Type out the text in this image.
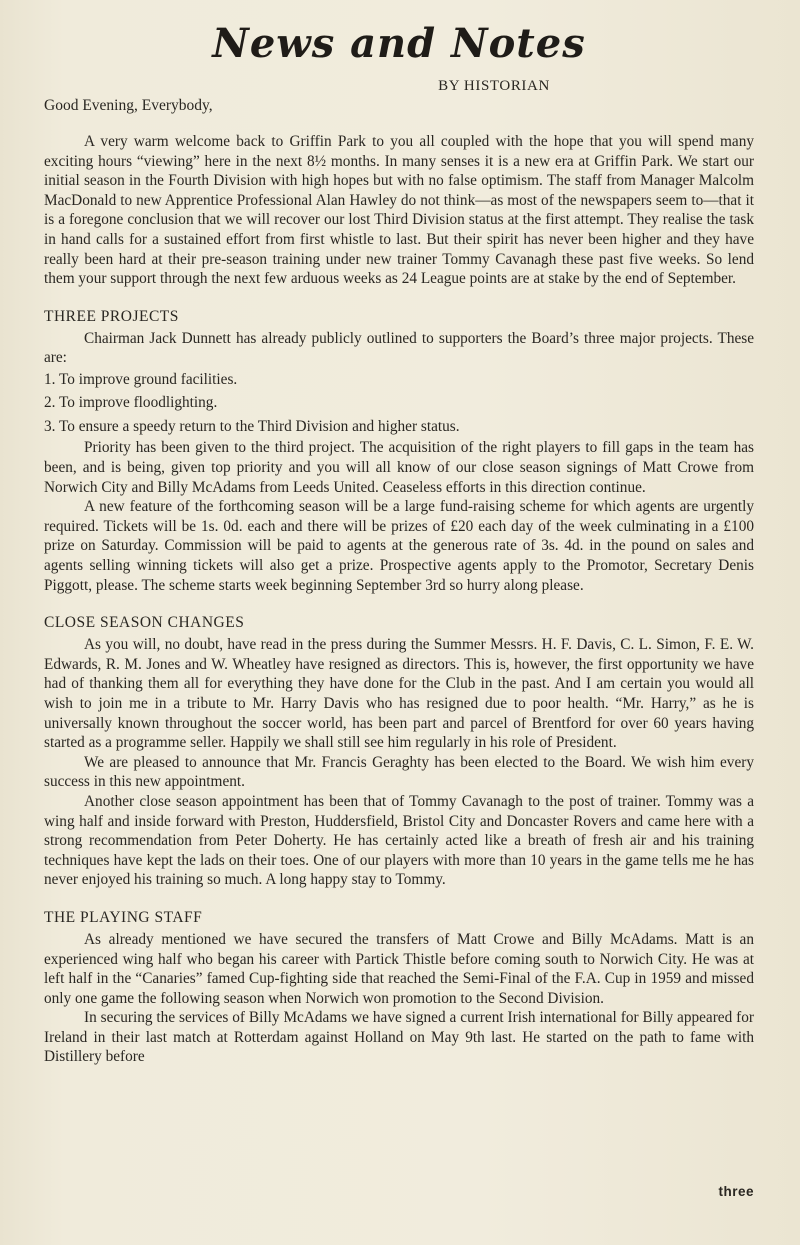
News and Notes
BY HISTORIAN
Good Evening, Everybody,

A very warm welcome back to Griffin Park to you all coupled with the hope that you will spend many exciting hours “viewing” here in the next 8½ months. In many senses it is a new era at Griffin Park. We start our initial season in the Fourth Division with high hopes but with no false optimism. The staff from Manager Malcolm MacDonald to new Apprentice Professional Alan Hawley do not think—as most of the newspapers seem to—that it is a foregone conclusion that we will recover our lost Third Division status at the first attempt. They realise the task in hand calls for a sustained effort from first whistle to last. But their spirit has never been higher and they have really been hard at their pre-season training under new trainer Tommy Cavanagh these past five weeks. So lend them your support through the next few arduous weeks as 24 League points are at stake by the end of September.

THREE PROJECTS

Chairman Jack Dunnett has already publicly outlined to supporters the Board’s three major projects. These are:

1. To improve ground facilities.
2. To improve floodlighting.
3. To ensure a speedy return to the Third Division and higher status.

Priority has been given to the third project. The acquisition of the right players to fill gaps in the team has been, and is being, given top priority and you will all know of our close season signings of Matt Crowe from Norwich City and Billy McAdams from Leeds United. Ceaseless efforts in this direction continue.

A new feature of the forthcoming season will be a large fund-raising scheme for which agents are urgently required. Tickets will be 1s. 0d. each and there will be prizes of £20 each day of the week culminating in a £100 prize on Saturday. Commission will be paid to agents at the generous rate of 3s. 4d. in the pound on sales and agents selling winning tickets will also get a prize. Prospective agents apply to the Promotor, Secretary Denis Piggott, please. The scheme starts week beginning September 3rd so hurry along please.

CLOSE SEASON CHANGES

As you will, no doubt, have read in the press during the Summer Messrs. H. F. Davis, C. L. Simon, F. E. W. Edwards, R. M. Jones and W. Wheatley have resigned as directors. This is, however, the first opportunity we have had of thanking them all for everything they have done for the Club in the past. And I am certain you would all wish to join me in a tribute to Mr. Harry Davis who has resigned due to poor health. “Mr. Harry,” as he is universally known throughout the soccer world, has been part and parcel of Brentford for over 60 years having started as a programme seller. Happily we shall still see him regularly in his role of President.

We are pleased to announce that Mr. Francis Geraghty has been elected to the Board. We wish him every success in this new appointment.

Another close season appointment has been that of Tommy Cavanagh to the post of trainer. Tommy was a wing half and inside forward with Preston, Huddersfield, Bristol City and Doncaster Rovers and came here with a strong recommendation from Peter Doherty. He has certainly acted like a breath of fresh air and his training techniques have kept the lads on their toes. One of our players with more than 10 years in the game tells me he has never enjoyed his training so much. A long happy stay to Tommy.

THE PLAYING STAFF

As already mentioned we have secured the transfers of Matt Crowe and Billy McAdams. Matt is an experienced wing half who began his career with Partick Thistle before coming south to Norwich City. He was at left half in the “Canaries” famed Cup-fighting side that reached the Semi-Final of the F.A. Cup in 1959 and missed only one game the following season when Norwich won promotion to the Second Division.

In securing the services of Billy McAdams we have signed a current Irish international for Billy appeared for Ireland in their last match at Rotterdam against Holland on May 9th last. He started on the path to fame with Distillery before

three
